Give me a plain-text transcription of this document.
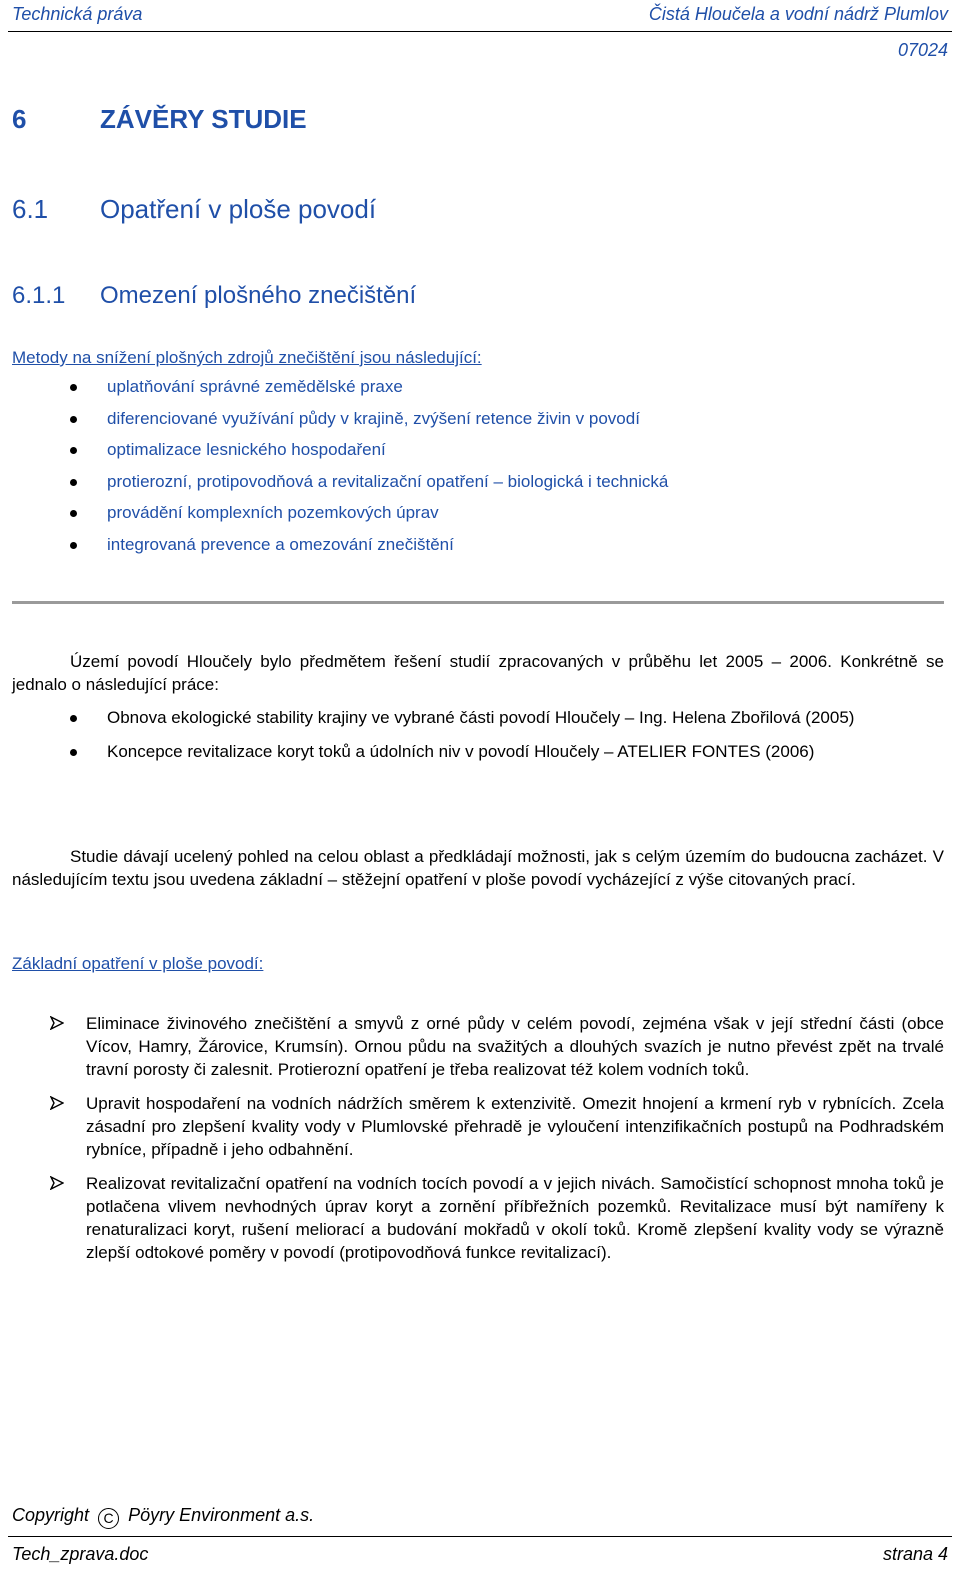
Technická práva	Čistá Hloučela a vodní nádrž Plumlov
07024
6	ZÁVĚRY STUDIE
6.1 Opatření v ploše povodí
6.1.1 Omezení plošného znečištění
Metody na snížení plošných zdrojů znečištění jsou následující:
uplatňování správné zemědělské praxe
diferenciované využívání půdy v krajině, zvýšení retence živin v povodí
optimalizace lesnického hospodaření
protierozní, protipovodňová a revitalizační opatření – biologická i technická
provádění komplexních pozemkových úprav
integrovaná prevence a omezování znečištění
Území povodí Hloučely bylo předmětem řešení studií zpracovaných v průběhu let 2005 – 2006. Konkrétně se jednalo o následující práce:
Obnova ekologické stability krajiny ve vybrané části povodí Hloučely – Ing. Helena Zbořilová (2005)
Koncepce revitalizace koryt toků a údolních niv v povodí Hloučely – ATELIER FONTES (2006)
Studie dávají ucelený pohled na celou oblast a předkládají možnosti, jak s celým územím do budoucna zacházet. V následujícím textu jsou uvedena základní – stěžejní opatření v ploše povodí vycházející z výše citovaných prací.
Základní opatření v ploše povodí:
Eliminace živinového znečištění a smyvů z orné půdy v celém povodí, zejména však v její střední části (obce Vícov, Hamry, Žárovice, Krumsín). Ornou půdu na svažitých a dlouhých svazích je nutno převést zpět na trvalé travní porosty či zalesnit. Protierozní opatření je třeba realizovat též kolem vodních toků.
Upravit hospodaření na vodních nádržích směrem k extenzivitě. Omezit hnojení a krmení ryb v rybnících. Zcela zásadní pro zlepšení kvality vody v Plumlovské přehradě je vyloučení intenzifikačních postupů na Podhradském rybníce, případně i jeho odbahnění.
Realizovat revitalizační opatření na vodních tocích povodí a v jejich nivách. Samočistící schopnost mnoha toků je potlačena vlivem nevhodných úprav koryt a zornění příbřežních pozemků. Revitalizace musí být namířeny k renaturalizaci koryt, rušení meliorací a budování mokřadů v okolí toků. Kromě zlepšení kvality vody se výrazně zlepší odtokové poměry v povodí (protipovodňová funkce revitalizací).
Copyright C Pöyry Environment a.s.
Tech_zprava.doc	strana 4
